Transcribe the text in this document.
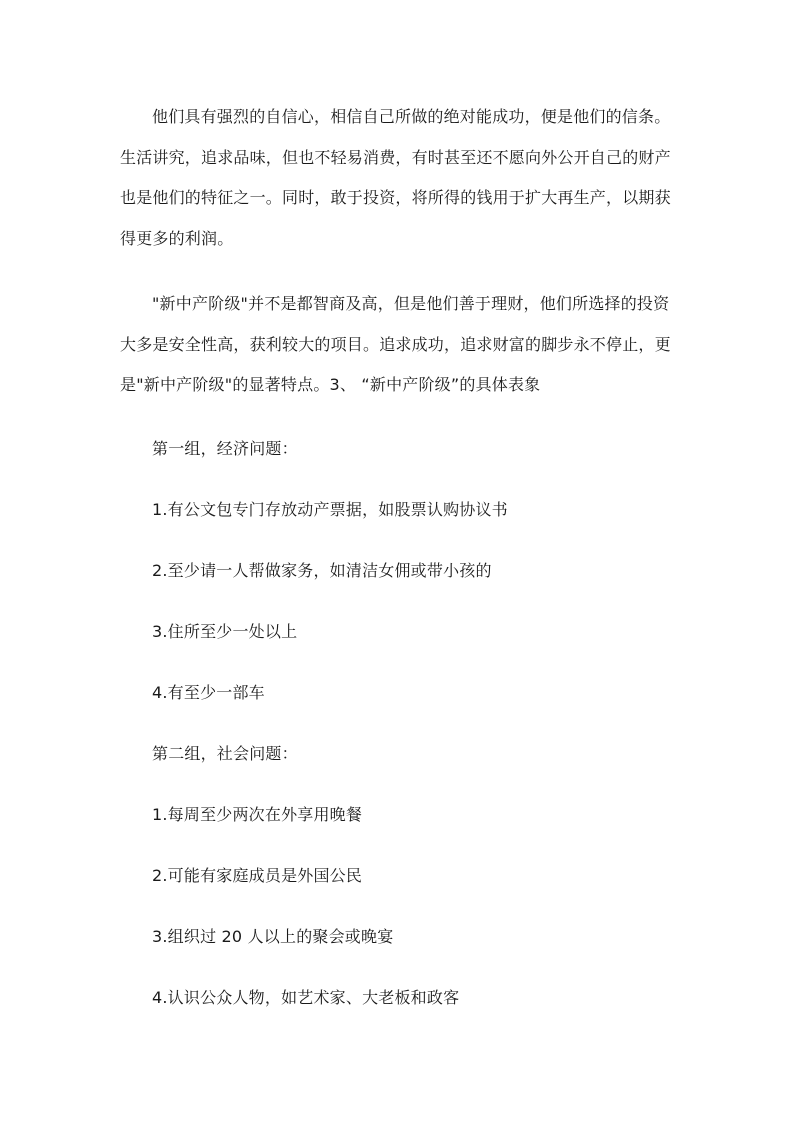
他们具有强烈的自信心，相信自己所做的绝对能成功，便是他们的信条。生活讲究，追求品味，但也不轻易消费，有时甚至还不愿向外公开自己的财产也是他们的特征之一。同时，敢于投资，将所得的钱用于扩大再生产，以期获得更多的利润。

"新中产阶级"并不是都智商及高，但是他们善于理财，他们所选择的投资大多是安全性高，获利较大的项目。追求成功，追求财富的脚步永不停止，更是"新中产阶级"的显著特点。3、 “新中产阶级”的具体表象

第一组，经济问题：
1.有公文包专门存放动产票据，如股票认购协议书
2.至少请一人帮做家务，如清洁女佣或带小孩的
3.住所至少一处以上
4.有至少一部车
第二组，社会问题：
1.每周至少两次在外享用晚餐
2.可能有家庭成员是外国公民
3.组织过 20 人以上的聚会或晚宴
4.认识公众人物，如艺术家、大老板和政客
